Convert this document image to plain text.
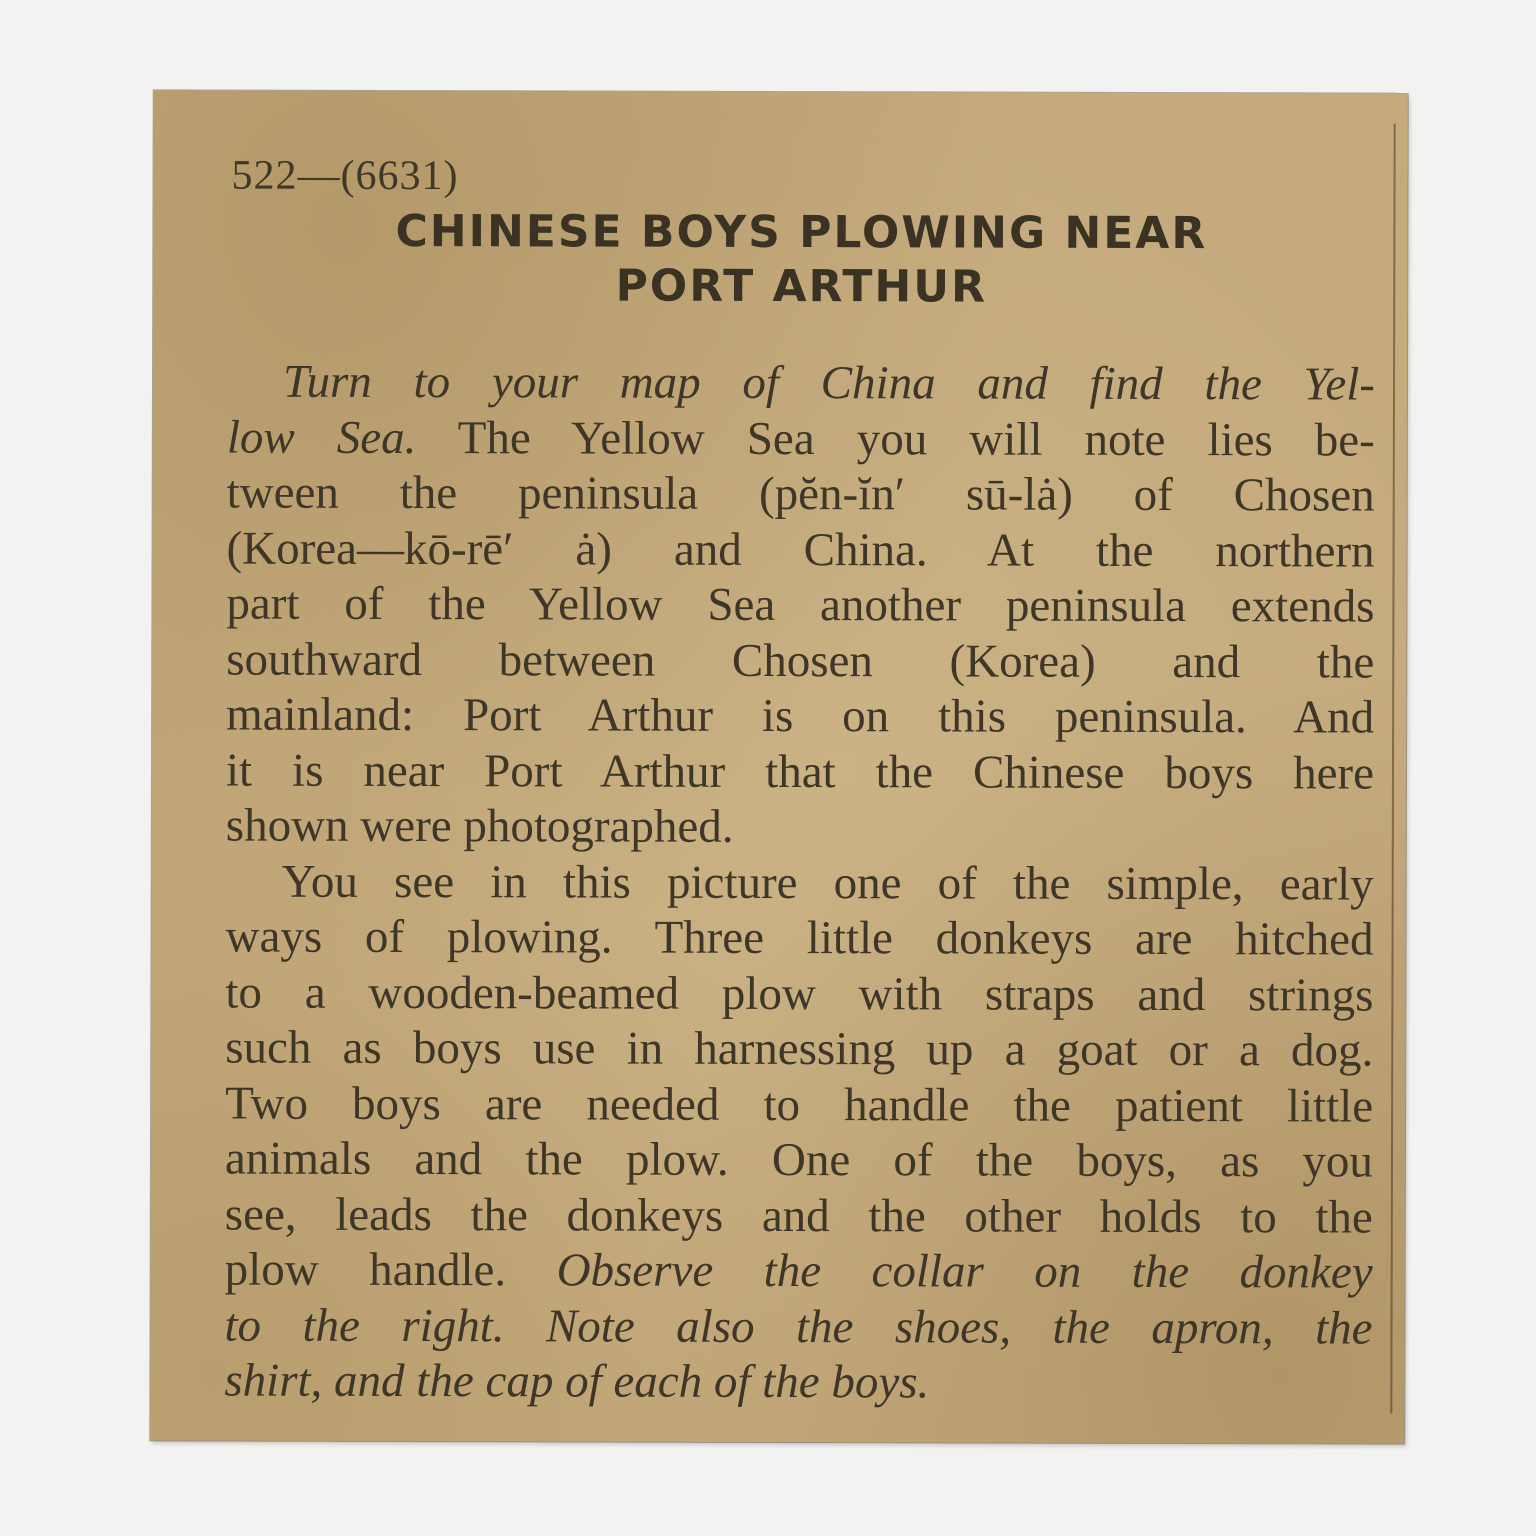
522—(6631)
CHINESE BOYS PLOWING NEAR
PORT ARTHUR
Turn to your map of China and find the Yel-
low Sea. The Yellow Sea you will note lies be-
tween the peninsula (pĕn-ĭn′ sū-lȧ) of Chosen
(Korea—kō-rē′ ȧ) and China. At the northern
part of the Yellow Sea another peninsula extends
southward between Chosen (Korea) and the
mainland: Port Arthur is on this peninsula. And
it is near Port Arthur that the Chinese boys here
shown were photographed.
You see in this picture one of the simple, early
ways of plowing. Three little donkeys are hitched
to a wooden-beamed plow with straps and strings
such as boys use in harnessing up a goat or a dog.
Two boys are needed to handle the patient little
animals and the plow. One of the boys, as you
see, leads the donkeys and the other holds to the
plow handle. Observe the collar on the donkey
to the right. Note also the shoes, the apron, the
shirt, and the cap of each of the boys.
